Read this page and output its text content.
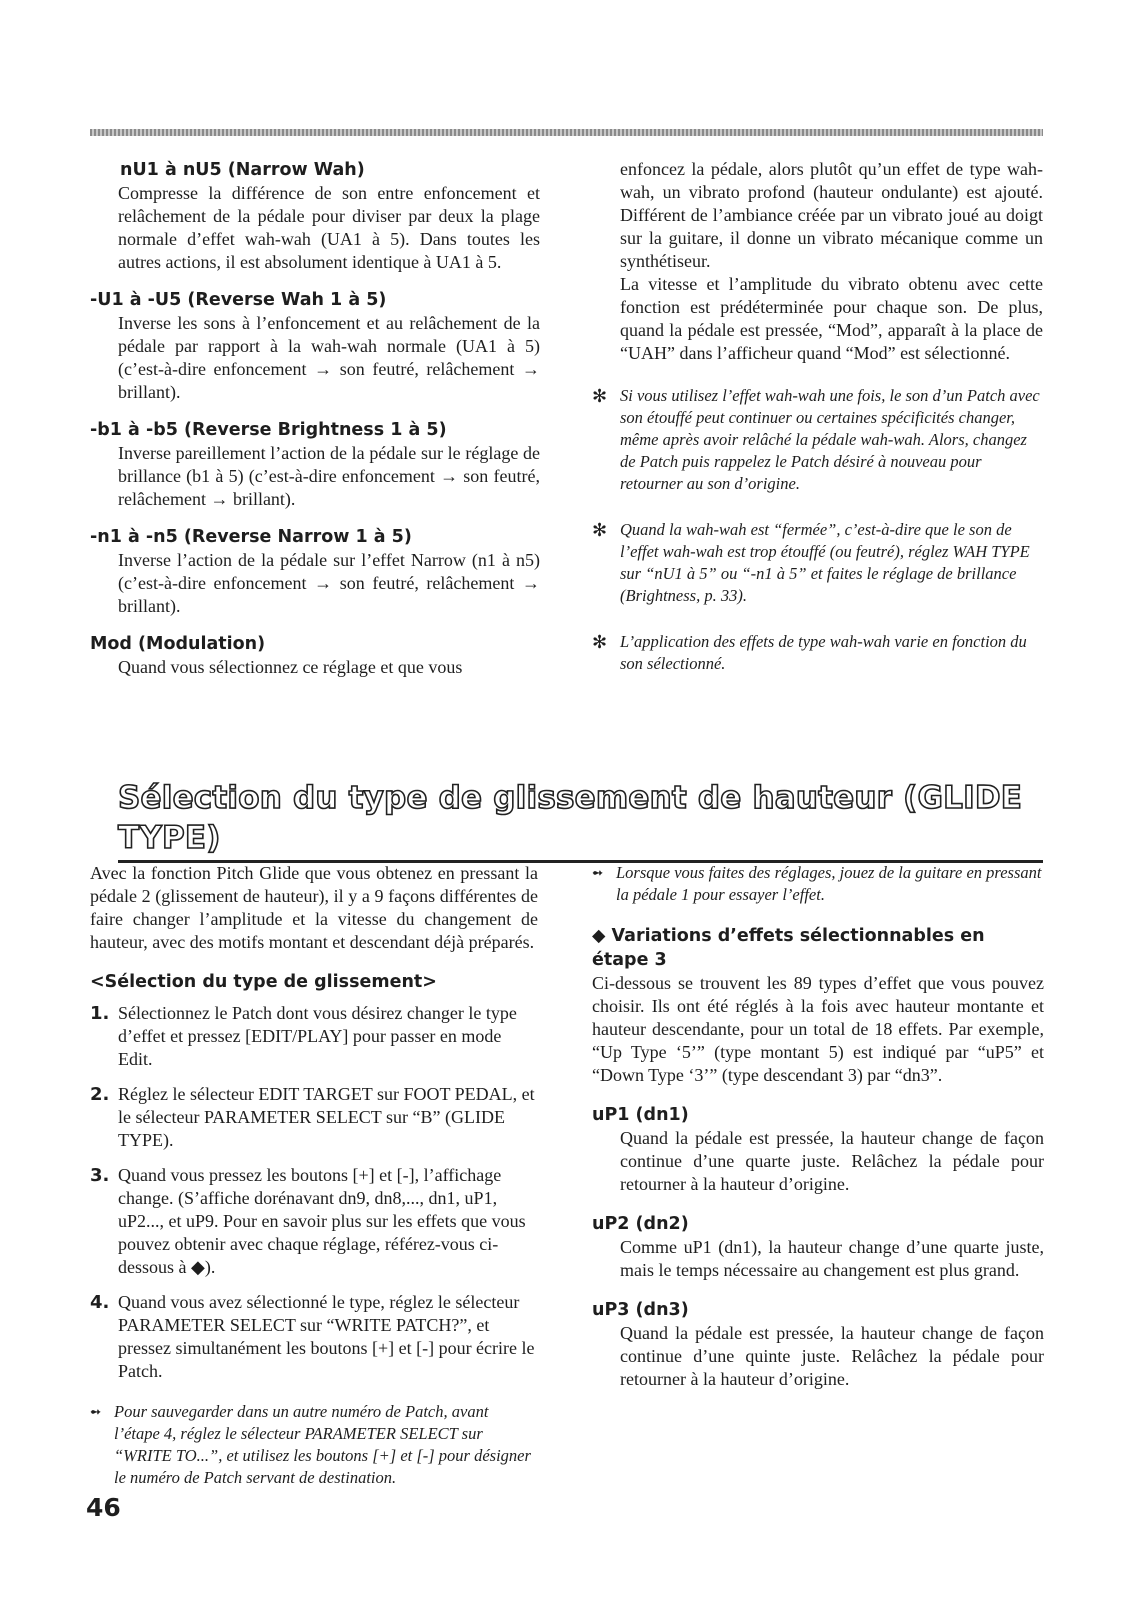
nU1 à nU5 (Narrow Wah)

Compresse la différence de son entre enfoncement et relâchement de la pédale pour diviser par deux la plage normale d’effet wah-wah (UA1 à 5). Dans toutes les autres actions, il est absolument identique à UA1 à 5.

-U1 à -U5 (Reverse Wah 1 à 5)

Inverse les sons à l’enfoncement et au relâchement de la pédale par rapport à la wah-wah normale (UA1 à 5) (c’est-à-dire enfoncement → son feutré, relâchement → brillant).

-b1 à -b5 (Reverse Brightness 1 à 5)

Inverse pareillement l’action de la pédale sur le réglage de brillance (b1 à 5) (c’est-à-dire enfoncement → son feutré, relâchement → brillant).

-n1 à -n5 (Reverse Narrow 1 à 5)

Inverse l’action de la pédale sur l’effet Narrow (n1 à n5) (c’est-à-dire enfoncement → son feutré, relâchement → brillant).

Mod (Modulation)

Quand vous sélectionnez ce réglage et que vous

enfoncez la pédale, alors plutôt qu’un effet de type wah-wah, un vibrato profond (hauteur ondulante) est ajouté. Différent de l’ambiance créée par un vibrato joué au doigt sur la guitare, il donne un vibrato mécanique comme un synthétiseur.

La vitesse et l’amplitude du vibrato obtenu avec cette fonction est prédéterminée pour chaque son. De plus, quand la pédale est pressée, “Mod”, apparaît à la place de “UAH” dans l’afficheur quand “Mod” est sélectionné.

✻ Si vous utilisez l’effet wah-wah une fois, le son d’un Patch avec son étouffé peut continuer ou certaines spécificités changer, même après avoir relâché la pédale wah-wah. Alors, changez de Patch puis rappelez le Patch désiré à nouveau pour retourner au son d’origine.
✻ Quand la wah-wah est “fermée”, c’est-à-dire que le son de l’effet wah-wah est trop étouffé (ou feutré), réglez WAH TYPE sur “nU1 à 5” ou “-n1 à 5” et faites le réglage de brillance (Brightness, p. 33).
✻ L’application des effets de type wah-wah varie en fonction du son sélectionné.
Sélection du type de glissement de hauteur (GLIDE TYPE)

Avec la fonction Pitch Glide que vous obtenez en pressant la pédale 2 (glissement de hauteur), il y a 9 façons différentes de faire changer l’amplitude et la vitesse du changement de hauteur, avec des motifs montant et descendant déjà préparés.

<Sélection du type de glissement>
1. Sélectionnez le Patch dont vous désirez changer le type d’effet et pressez [EDIT/PLAY] pour passer en mode Edit.
2. Réglez le sélecteur EDIT TARGET sur FOOT PEDAL, et le sélecteur PARAMETER SELECT sur “B” (GLIDE TYPE).
3. Quand vous pressez les boutons [+] et [-], l’affichage change. (S’affiche dorénavant dn9, dn8,..., dn1, uP1, uP2..., et uP9. Pour en savoir plus sur les effets que vous pouvez obtenir avec chaque réglage, référez-vous ci-dessous à ◆).
4. Quand vous avez sélectionné le type, réglez le sélecteur PARAMETER SELECT sur “WRITE PATCH?”, et pressez simultanément les boutons [+] et [-] pour écrire le Patch.
➻ Pour sauvegarder dans un autre numéro de Patch, avant l’étape 4, réglez le sélecteur PARAMETER SELECT sur “WRITE TO...”, et utilisez les boutons [+] et [-] pour désigner le numéro de Patch servant de destination.
➻ Lorsque vous faites des réglages, jouez de la guitare en pressant la pédale 1 pour essayer l’effet.
◆ Variations d’effets sélectionnables en étape 3

Ci-dessous se trouvent les 89 types d’effet que vous pouvez choisir. Ils ont été réglés à la fois avec hauteur montante et hauteur descendante, pour un total de 18 effets. Par exemple, “Up Type ‘5’” (type montant 5) est indiqué par “uP5” et “Down Type ‘3’” (type descendant 3) par “dn3”.

uP1 (dn1)

Quand la pédale est pressée, la hauteur change de façon continue d’une quarte juste. Relâchez la pédale pour retourner à la hauteur d’origine.

uP2 (dn2)

Comme uP1 (dn1), la hauteur change d’une quarte juste, mais le temps nécessaire au changement est plus grand.

uP3 (dn3)

Quand la pédale est pressée, la hauteur change de façon continue d’une quinte juste. Relâchez la pédale pour retourner à la hauteur d’origine.

46
